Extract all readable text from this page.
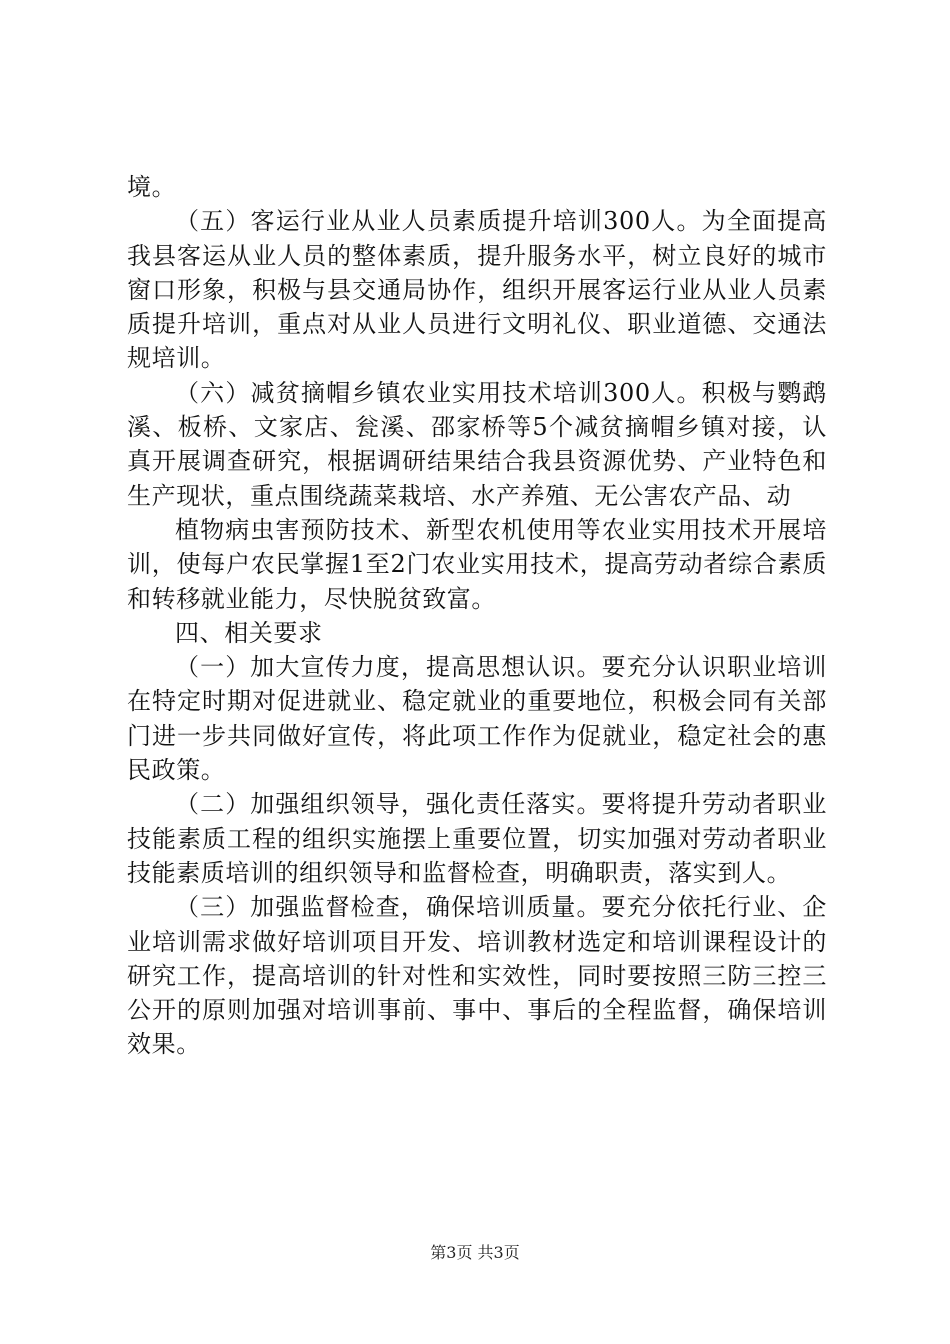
境。

（五）客运行业从业人员素质提升培训300人。为全面提高我县客运从业人员的整体素质，提升服务水平，树立良好的城市窗口形象，积极与县交通局协作，组织开展客运行业从业人员素质提升培训，重点对从业人员进行文明礼仪、职业道德、交通法规培训。

（六）减贫摘帽乡镇农业实用技术培训300人。积极与鹦鹉溪、板桥、文家店、瓮溪、邵家桥等5个减贫摘帽乡镇对接，认真开展调查研究，根据调研结果结合我县资源优势、产业特色和生产现状，重点围绕蔬菜栽培、水产养殖、无公害农产品、动

植物病虫害预防技术、新型农机使用等农业实用技术开展培训，使每户农民掌握1至2门农业实用技术，提高劳动者综合素质和转移就业能力，尽快脱贫致富。

四、相关要求

（一）加大宣传力度，提高思想认识。要充分认识职业培训在特定时期对促进就业、稳定就业的重要地位，积极会同有关部门进一步共同做好宣传，将此项工作作为促就业，稳定社会的惠民政策。

（二）加强组织领导，强化责任落实。要将提升劳动者职业技能素质工程的组织实施摆上重要位置，切实加强对劳动者职业技能素质培训的组织领导和监督检查，明确职责，落实到人。

（三）加强监督检查，确保培训质量。要充分依托行业、企业培训需求做好培训项目开发、培训教材选定和培训课程设计的研究工作，提高培训的针对性和实效性，同时要按照三防三控三公开的原则加强对培训事前、事中、事后的全程监督，确保培训效果。

第3页 共3页
